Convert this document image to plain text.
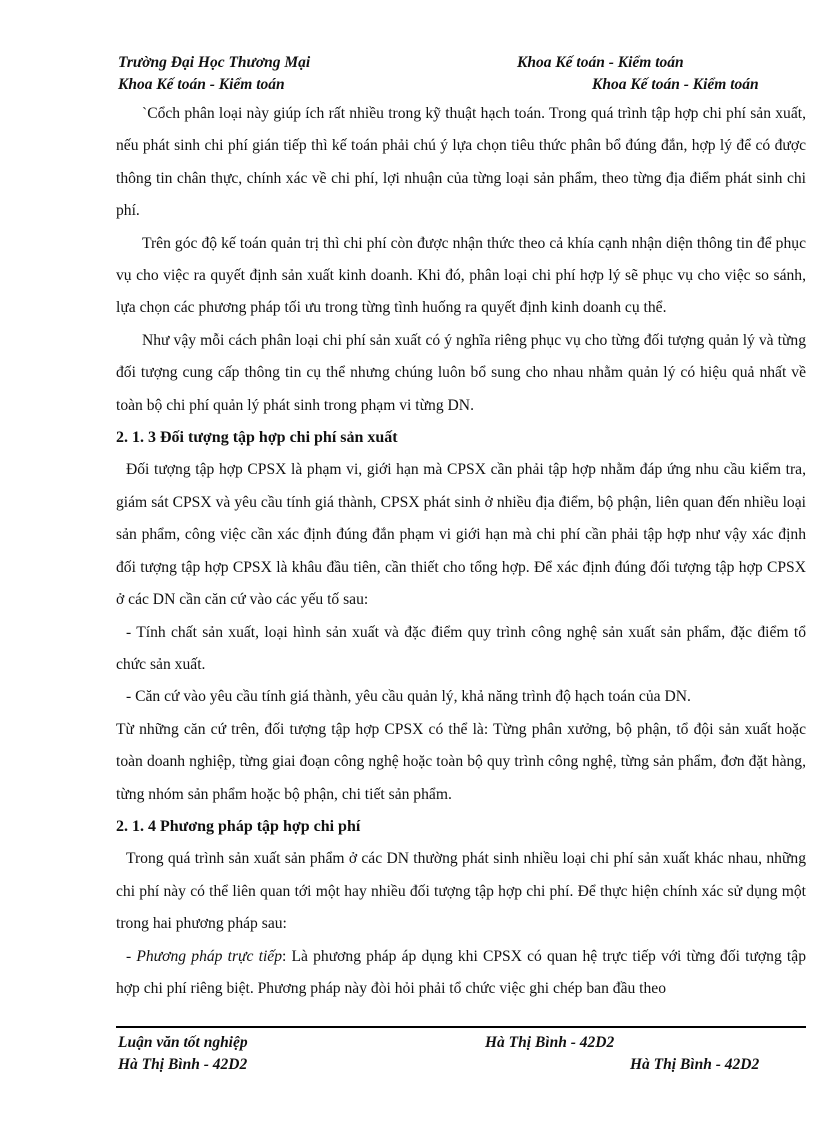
Trường Đại Học Thương Mại	Khoa Kế toán - Kiểm toán
Khoa Kế toán - Kiểm toán	Khoa Kế toán - Kiểm toán

`Cổch phân loại này giúp ích rất nhiều trong kỹ thuật hạch toán. Trong quá trình tập hợp chi phí sản xuất, nếu phát sinh chi phí gián tiếp thì kế toán phải chú ý lựa chọn tiêu thức phân bổ đúng đắn, hợp lý để có được thông tin chân thực, chính xác về chi phí, lợi nhuận của từng loại sản phẩm, theo từng địa điểm phát sinh chi phí.

Trên góc độ kế toán quản trị thì chi phí còn được nhận thức theo cả khía cạnh nhận diện thông tin để phục vụ cho việc ra quyết định sản xuất kinh doanh. Khi đó, phân loại chi phí hợp lý sẽ phục vụ cho việc so sánh, lựa chọn các phương pháp tối ưu trong từng tình huống ra quyết định kinh doanh cụ thể.

Như vậy mỗi cách phân loại chi phí sản xuất có ý nghĩa riêng phục vụ cho từng đối tượng quản lý và từng đối tượng cung cấp thông tin cụ thể nhưng chúng luôn bổ sung cho nhau nhằm quản lý có hiệu quả nhất về toàn bộ chi phí quản lý phát sinh trong phạm vi từng DN.

2. 1. 3 Đối tượng tập hợp chi phí sản xuất

Đối tượng tập hợp CPSX là phạm vi, giới hạn mà CPSX cần phải tập hợp nhằm đáp ứng nhu cầu kiểm tra, giám sát CPSX và yêu cầu tính giá thành, CPSX phát sinh ở nhiều địa điểm, bộ phận, liên quan đến nhiều loại sản phẩm, công việc cần xác định đúng đắn phạm vi giới hạn mà chi phí cần phải tập hợp như vậy xác định đối tượng tập hợp CPSX là khâu đầu tiên, cần thiết cho tổng hợp. Để xác định đúng đối tượng tập hợp CPSX ở các DN cần căn cứ vào các yếu tố sau:

- Tính chất sản xuất, loại hình sản xuất và đặc điểm quy trình công nghệ sản xuất sản phẩm, đặc điểm tổ chức sản xuất.

- Căn cứ vào yêu cầu tính giá thành, yêu cầu quản lý, khả năng trình độ hạch toán của DN.

Từ những căn cứ trên, đối tượng tập hợp CPSX có thể là: Từng phân xưởng, bộ phận, tổ đội sản xuất hoặc toàn doanh nghiệp, từng giai đoạn công nghệ hoặc toàn bộ quy trình công nghệ, từng sản phẩm, đơn đặt hàng, từng nhóm sản phẩm hoặc bộ phận, chi tiết sản phẩm.

2. 1. 4 Phương pháp tập hợp chi phí

Trong quá trình sản xuất sản phẩm ở các DN thường phát sinh nhiều loại chi phí sản xuất khác nhau, những chi phí này có thể liên quan tới một hay nhiều đối tượng tập hợp chi phí. Để thực hiện chính xác sử dụng một trong hai phương pháp sau:

- Phương pháp trực tiếp: Là phương pháp áp dụng khi CPSX có quan hệ trực tiếp với từng đối tượng tập hợp chi phí riêng biệt. Phương pháp này đòi hỏi phải tổ chức việc ghi chép ban đầu theo

Luận văn tốt nghiệp	Hà Thị Bình - 42D2
Hà Thị Bình - 42D2	Hà Thị Bình - 42D2
